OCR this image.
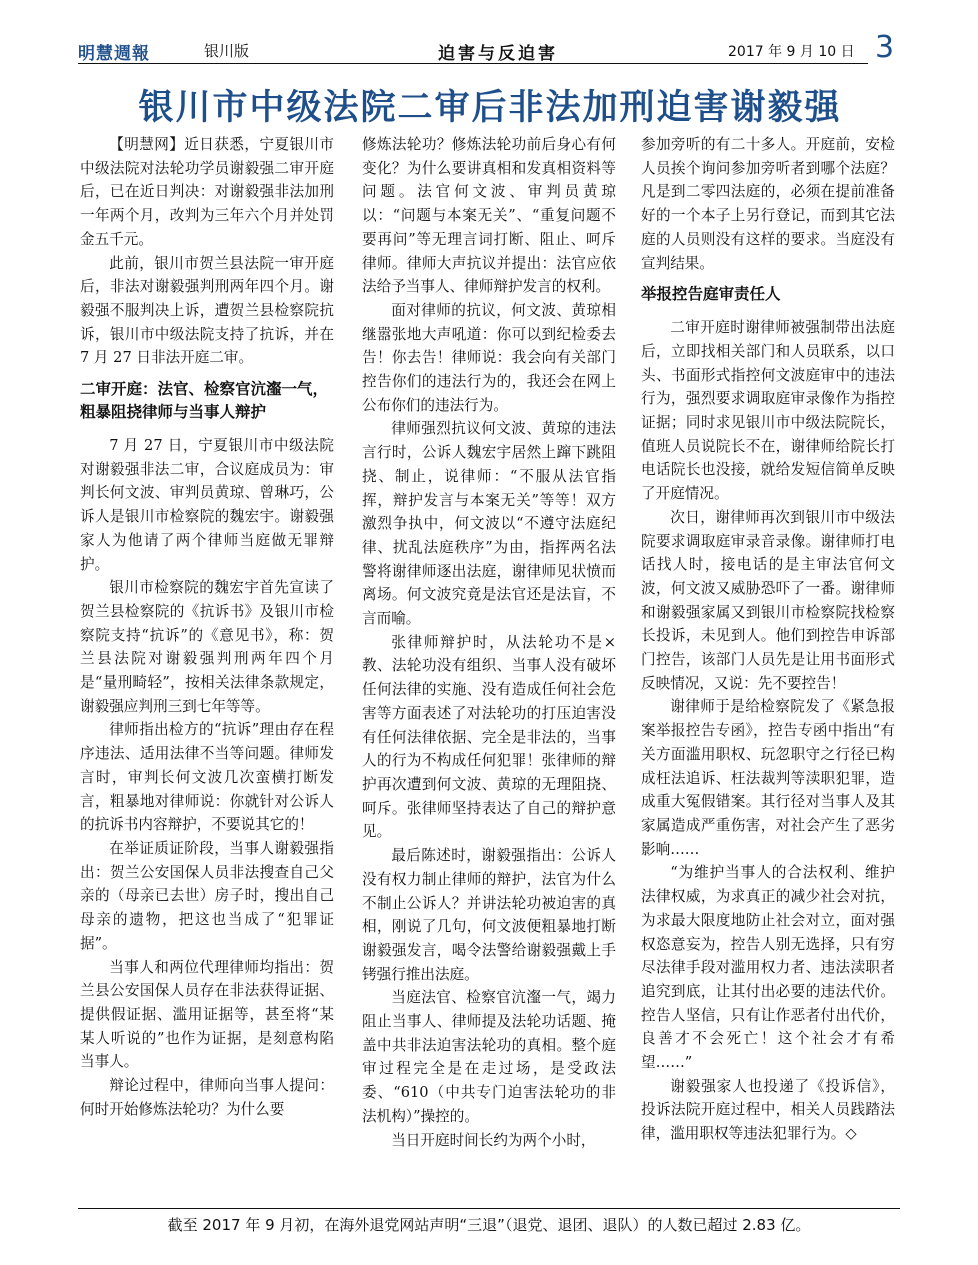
明慧週報	银川版	迫害与反迫害	2017 年 9 月 10 日 3
银川市中级法院二审后非法加刑迫害谢毅强

【明慧网】近日获悉，宁夏银川市中级法院对法轮功学员谢毅强二审开庭后，已在近日判决：对谢毅强非法加刑一年两个月，改判为三年六个月并处罚金五千元。

此前，银川市贺兰县法院一审开庭后，非法对谢毅强判刑两年四个月。谢毅强不服判决上诉，遭贺兰县检察院抗诉，银川市中级法院支持了抗诉，并在 7 月 27 日非法开庭二审。

二审开庭：法官、检察官沆瀣一气，粗暴阻挠律师与当事人辩护

7 月 27 日，宁夏银川市中级法院对谢毅强非法二审，合议庭成员为：审判长何文波、审判员黄琼、曾琳巧，公诉人是银川市检察院的魏宏宇。谢毅强家人为他请了两个律师当庭做无罪辩护。

银川市检察院的魏宏宇首先宣读了贺兰县检察院的《抗诉书》及银川市检察院支持“抗诉”的《意见书》，称：贺兰县法院对谢毅强判刑两年四个月是“量刑畸轻”，按相关法律条款规定，谢毅强应判刑三到七年等等。

律师指出检方的“抗诉”理由存在程序违法、适用法律不当等问题。律师发言时，审判长何文波几次蛮横打断发言，粗暴地对律师说：你就针对公诉人的抗诉书内容辩护，不要说其它的！

在举证质证阶段，当事人谢毅强指出：贺兰公安国保人员非法搜查自己父亲的（母亲已去世）房子时，搜出自己母亲的遗物，把这也当成了“犯罪证据”。

当事人和两位代理律师均指出：贺兰县公安国保人员存在非法获得证据、提供假证据、滥用证据等，甚至将“某某人听说的”也作为证据，是刻意构陷当事人。

辩论过程中，律师向当事人提问：何时开始修炼法轮功？为什么要

修炼法轮功？修炼法轮功前后身心有何变化？为什么要讲真相和发真相资料等问题。法官何文波、审判员黄琼以：“问题与本案无关”、“重复问题不要再问”等无理言词打断、阻止、呵斥律师。律师大声抗议并提出：法官应依法给予当事人、律师辩护发言的权利。

面对律师的抗议，何文波、黄琼相继嚣张地大声吼道：你可以到纪检委去告！你去告！律师说：我会向有关部门控告你们的违法行为的，我还会在网上公布你们的违法行为。

律师强烈抗议何文波、黄琼的违法言行时，公诉人魏宏宇居然上蹿下跳阻挠、制止，说律师：“不服从法官指挥，辩护发言与本案无关”等等！双方激烈争执中，何文波以“不遵守法庭纪律、扰乱法庭秩序”为由，指挥两名法警将谢律师逐出法庭，谢律师见状愤而离场。何文波究竟是法官还是法盲，不言而喻。

张律师辩护时，从法轮功不是×教、法轮功没有组织、当事人没有破坏任何法律的实施、没有造成任何社会危害等方面表述了对法轮功的打压迫害没有任何法律依据、完全是非法的，当事人的行为不构成任何犯罪！张律师的辩护再次遭到何文波、黄琼的无理阻挠、呵斥。张律师坚持表达了自己的辩护意见。

最后陈述时，谢毅强指出：公诉人没有权力制止律师的辩护，法官为什么不制止公诉人？并讲法轮功被迫害的真相，刚说了几句，何文波便粗暴地打断谢毅强发言，喝令法警给谢毅强戴上手铐强行推出法庭。

当庭法官、检察官沆瀣一气，竭力阻止当事人、律师提及法轮功话题、掩盖中共非法迫害法轮功的真相。整个庭审过程完全是在走过场，是受政法委、“610（中共专门迫害法轮功的非法机构）”操控的。

当日开庭时间长约为两个小时，

参加旁听的有二十多人。开庭前，安检人员挨个询问参加旁听者到哪个法庭？凡是到二零四法庭的，必须在提前准备好的一个本子上另行登记，而到其它法庭的人员则没有这样的要求。当庭没有宣判结果。

举报控告庭审责任人

二审开庭时谢律师被强制带出法庭后，立即找相关部门和人员联系，以口头、书面形式指控何文波庭审中的违法行为，强烈要求调取庭审录像作为指控证据；同时求见银川市中级法院院长，值班人员说院长不在，谢律师给院长打电话院长也没接，就给发短信简单反映了开庭情况。

次日，谢律师再次到银川市中级法院要求调取庭审录音录像。谢律师打电话找人时，接电话的是主审法官何文波，何文波又威胁恐吓了一番。谢律师和谢毅强家属又到银川市检察院找检察长投诉，未见到人。他们到控告申诉部门控告，该部门人员先是让用书面形式反映情况，又说：先不要控告！

谢律师于是给检察院发了《紧急报案举报控告专函》，控告专函中指出“有关方面滥用职权、玩忽职守之行径已构成枉法追诉、枉法裁判等渎职犯罪，造成重大冤假错案。其行径对当事人及其家属造成严重伤害，对社会产生了恶劣影响……

“为维护当事人的合法权利、维护法律权威，为求真正的减少社会对抗，为求最大限度地防止社会对立，面对强权恣意妄为，控告人别无选择，只有穷尽法律手段对滥用权力者、违法渎职者追究到底，让其付出必要的违法代价。控告人坚信，只有让作恶者付出代价，良善才不会死亡！这个社会才有希望……”

谢毅强家人也投递了《投诉信》，投诉法院开庭过程中，相关人员践踏法律，滥用职权等违法犯罪行为。◇

截至 2017 年 9 月初，在海外退党网站声明“三退”（退党、退团、退队）的人数已超过 2.83 亿。
